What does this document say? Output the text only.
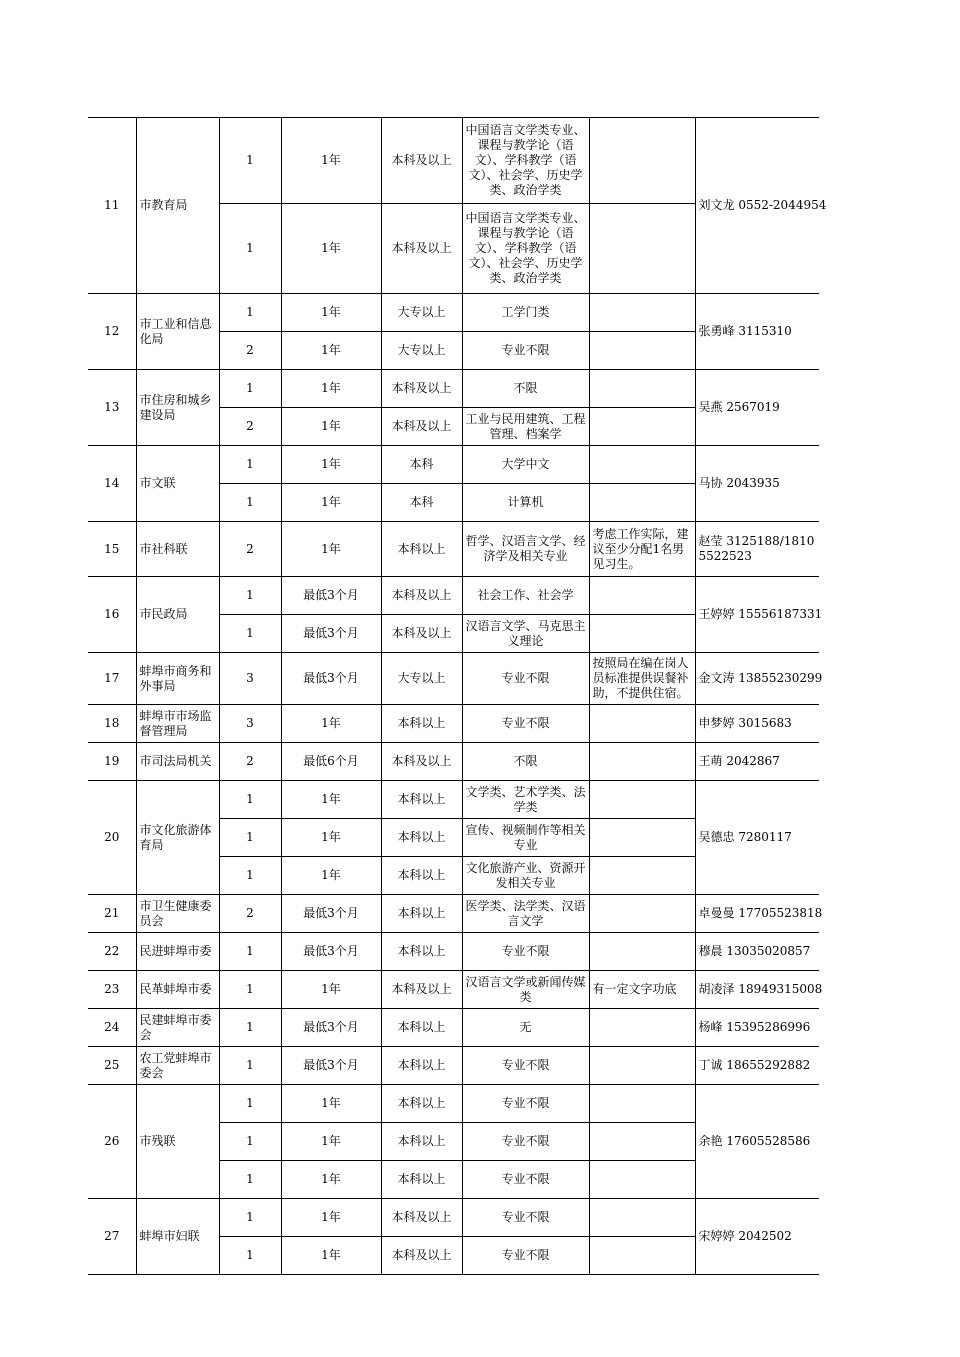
11	市教育局	1	1年	本科及以上	中国语言文学类专业、课程与教学论（语文）、学科教学（语文）、社会学、历史学类、政治学类		刘文龙 0552-2044954
		1	1年	本科及以上	中国语言文学类专业、课程与教学论（语文）、学科教学（语文）、社会学、历史学类、政治学类		
12	市工业和信息化局	1	1年	大专以上	工学门类		张勇峰 3115310
		2	1年	大专以上	专业不限		
13	市住房和城乡建设局	1	1年	本科及以上	不限		吴燕 2567019
		2	1年	本科及以上	工业与民用建筑、工程管理、档案学		
14	市文联	1	1年	本科	大学中文		马协 2043935
		1	1年	本科	计算机		
15	市社科联	2	1年	本科以上	哲学、汉语言文学、经济学及相关专业	考虑工作实际，建议至少分配1名男见习生。	赵莹 3125188/18105522523
16	市民政局	1	最低3个月	本科及以上	社会工作、社会学		王婷婷 15556187331
		1	最低3个月	本科及以上	汉语言文学、马克思主义理论		
17	蚌埠市商务和外事局	3	最低3个月	大专以上	专业不限	按照局在编在岗人员标准提供误餐补助，不提供住宿。	金文涛 13855230299
18	蚌埠市市场监督管理局	3	1年	本科以上	专业不限		申梦婷 3015683
19	市司法局机关	2	最低6个月	本科及以上	不限		王萌 2042867
20	市文化旅游体育局	1	1年	本科以上	文学类、艺术学类、法学类		吴德忠 7280117
		1	1年	本科以上	宣传、视频制作等相关专业		
		1	1年	本科以上	文化旅游产业、资源开发相关专业		
21	市卫生健康委员会	2	最低3个月	本科以上	医学类、法学类、汉语言文学		卓曼曼 17705523818
22	民进蚌埠市委	1	最低3个月	本科以上	专业不限		穆晨 13035020857
23	民革蚌埠市委	1	1年	本科及以上	汉语言文学或新闻传媒类	有一定文字功底	胡凌泽 18949315008
24	民建蚌埠市委会	1	最低3个月	本科以上	无		杨峰 15395286996
25	农工党蚌埠市委会	1	最低3个月	本科以上	专业不限		丁诚 18655292882
26	市残联	1	1年	本科以上	专业不限		余艳 17605528586
		1	1年	本科以上	专业不限		
		1	1年	本科以上	专业不限		
27	蚌埠市妇联	1	1年	本科及以上	专业不限		宋婷婷 2042502
		1	1年	本科及以上	专业不限		
